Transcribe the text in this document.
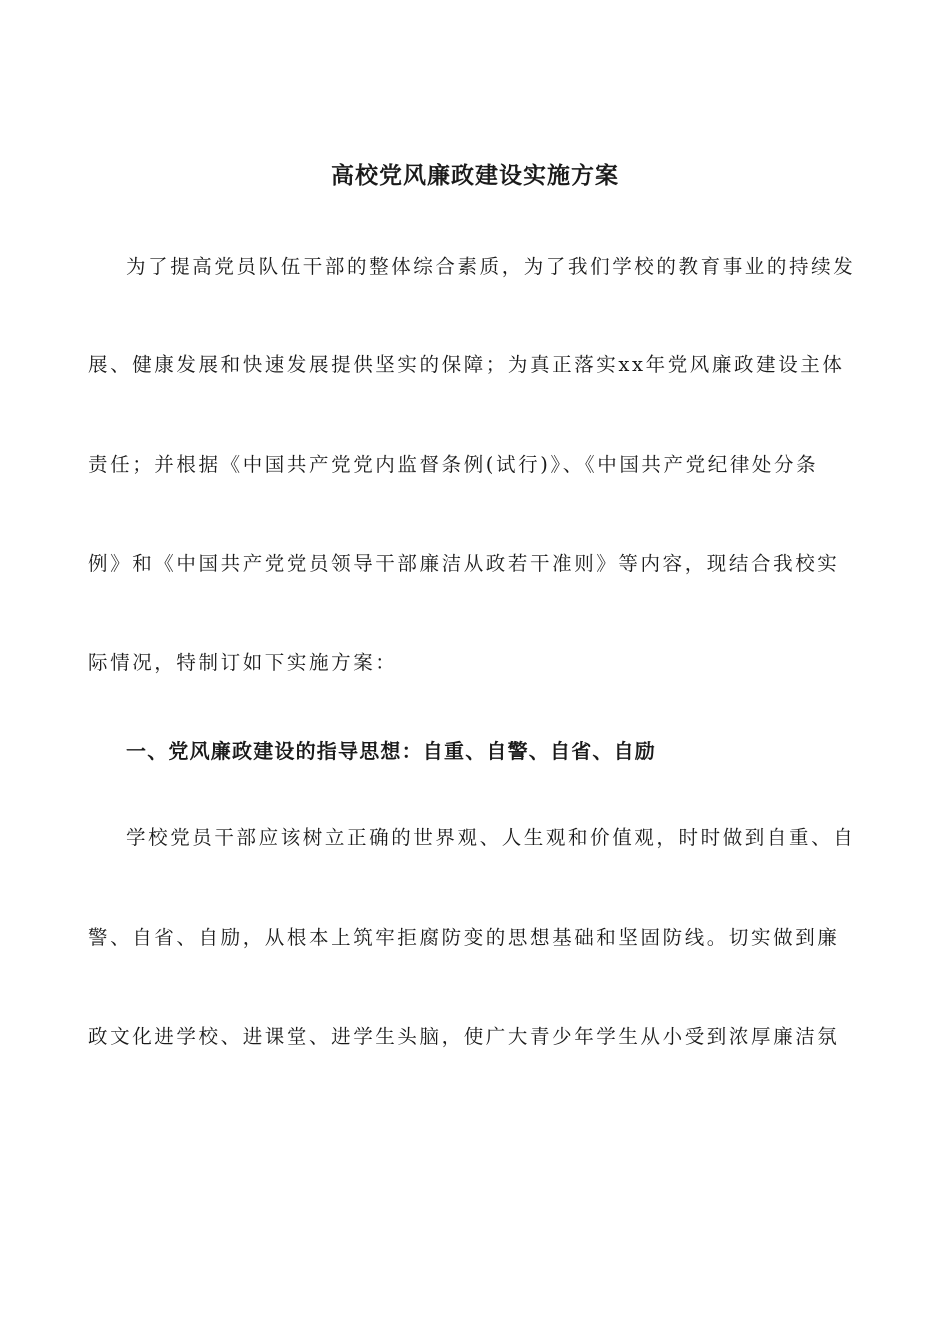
高校党风廉政建设实施方案

为了提高党员队伍干部的整体综合素质，为了我们学校的教育事业的持续发

展、健康发展和快速发展提供坚实的保障；为真正落实xx年党风廉政建设主体

责任；并根据《中国共产党党内监督条例(试行)》、《中国共产党纪律处分条

例》和《中国共产党党员领导干部廉洁从政若干准则》等内容，现结合我校实

际情况，特制订如下实施方案：

一、党风廉政建设的指导思想：自重、自警、自省、自励

学校党员干部应该树立正确的世界观、人生观和价值观，时时做到自重、自

警、自省、自励，从根本上筑牢拒腐防变的思想基础和坚固防线。切实做到廉

政文化进学校、进课堂、进学生头脑，使广大青少年学生从小受到浓厚廉洁氛
